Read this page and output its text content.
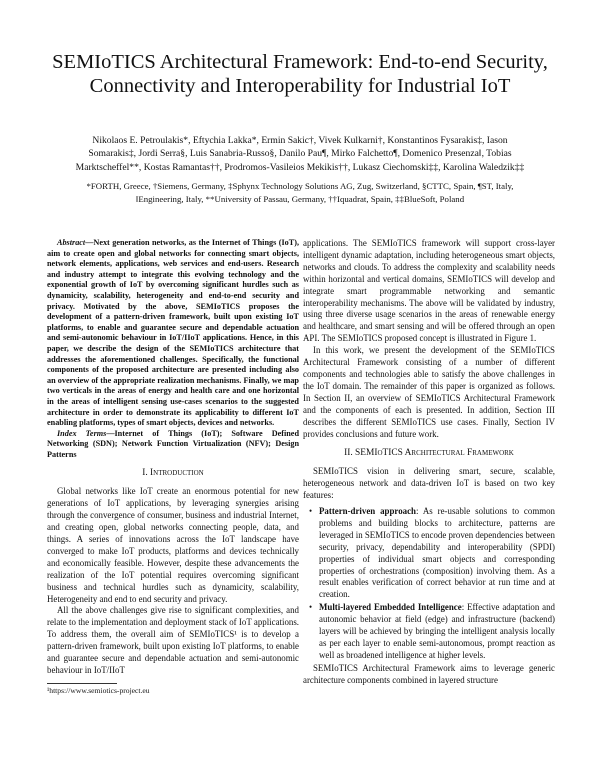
SEMIoTICS Architectural Framework: End-to-end Security, Connectivity and Interoperability for Industrial IoT
Nikolaos E. Petroulakis*, Eftychia Lakka*, Ermin Sakic†, Vivek Kulkarni†, Konstantinos Fysarakis‡, Iason
Somarakis‡, Jordi Serra§, Luis Sanabria-Russo§, Danilo Pau¶, Mirko Falchetto¶, Domenico Presenza‖, Tobias
Marktscheffel**, Kostas Ramantas††, Prodromos-Vasileios Mekikis††, Lukasz Ciechomski‡‡, Karolina Waledzik‡‡
*FORTH, Greece, †Siemens, Germany, ‡Sphynx Technology Solutions AG, Zug, Switzerland, §CTTC, Spain, ¶ST, Italy,
‖Engineering, Italy, **University of Passau, Germany, ††Iquadrat, Spain, ‡‡BlueSoft, Poland
Abstract—Next generation networks, as the Internet of Things (IoT), aim to create open and global networks for connecting smart objects, network elements, applications, web services and end-users. Research and industry attempt to integrate this evolving technology and the exponential growth of IoT by overcoming significant hurdles such as dynamicity, scalability, heterogeneity and end-to-end security and privacy. Motivated by the above, SEMIoTICS proposes the development of a pattern-driven framework, built upon existing IoT platforms, to enable and guarantee secure and dependable actuation and semi-autonomic behaviour in IoT/IIoT applications. Hence, in this paper, we describe the design of the SEMIoTICS architecture that addresses the aforementioned challenges. Specifically, the functional components of the proposed architecture are presented including also an overview of the appropriate realization mechanisms. Finally, we map two verticals in the areas of energy and health care and one horizontal in the areas of intelligent sensing use-cases scenarios to the suggested architecture in order to demonstrate its applicability to different IoT enabling platforms, types of smart objects, devices and networks.
Index Terms—Internet of Things (IoT); Software Defined Networking (SDN); Network Function Virtualization (NFV); Design Patterns
I. Introduction

Global networks like IoT create an enormous potential for new generations of IoT applications, by leveraging synergies arising through the convergence of consumer, business and industrial Internet, and creating open, global networks connecting people, data, and things. A series of innovations across the IoT landscape have converged to make IoT products, platforms and devices technically and economically feasible. However, despite these advancements the realization of the IoT potential requires overcoming significant business and technical hurdles such as dynamicity, scalability, Heterogeneity and end to end security and privacy.

All the above challenges give rise to significant complexities, and relate to the implementation and deployment stack of IoT applications. To address them, the overall aim of SEMIoTICS¹ is to develop a pattern-driven framework, built upon existing IoT platforms, to enable and guarantee secure and dependable actuation and semi-autonomic behaviour in IoT/IIoT

¹https://www.semiotics-project.eu

applications. The SEMIoTICS framework will support cross-layer intelligent dynamic adaptation, including heterogeneous smart objects, networks and clouds. To address the complexity and scalability needs within horizontal and vertical domains, SEMIoTICS will develop and integrate smart programmable networking and semantic interoperability mechanisms. The above will be validated by industry, using three diverse usage scenarios in the areas of renewable energy and healthcare, and smart sensing and will be offered through an open API. The SEMIoTICS proposed concept is illustrated in Figure 1.

In this work, we present the development of the SEMIoTICS Architectural Framework consisting of a number of different components and technologies able to satisfy the above challenges in the IoT domain. The remainder of this paper is organized as follows. In Section II, an overview of SEMIoTICS Architectural Framework and the components of each is presented. In addition, Section III describes the different SEMIoTICS use cases. Finally, Section IV provides conclusions and future work.

II. SEMIoTICS Architectural Framework

SEMIoTICS vision in delivering smart, secure, scalable, heterogeneous network and data-driven IoT is based on two key features:

• Pattern-driven approach: As re-usable solutions to common problems and building blocks to architecture, patterns are leveraged in SEMIoTICS to encode proven dependencies between security, privacy, dependability and interoperability (SPDI) properties of individual smart objects and corresponding properties of orchestrations (composition) involving them. As a result enables verification of correct behavior at run time and at creation.
• Multi-layered Embedded Intelligence: Effective adaptation and autonomic behavior at field (edge) and infrastructure (backend) layers will be achieved by bringing the intelligent analysis locally as per each layer to enable semi-autonomous, prompt reaction as well as broadened intelligence at higher levels.

SEMIoTICS Architectural Framework aims to leverage generic architecture components combined in layered structure
